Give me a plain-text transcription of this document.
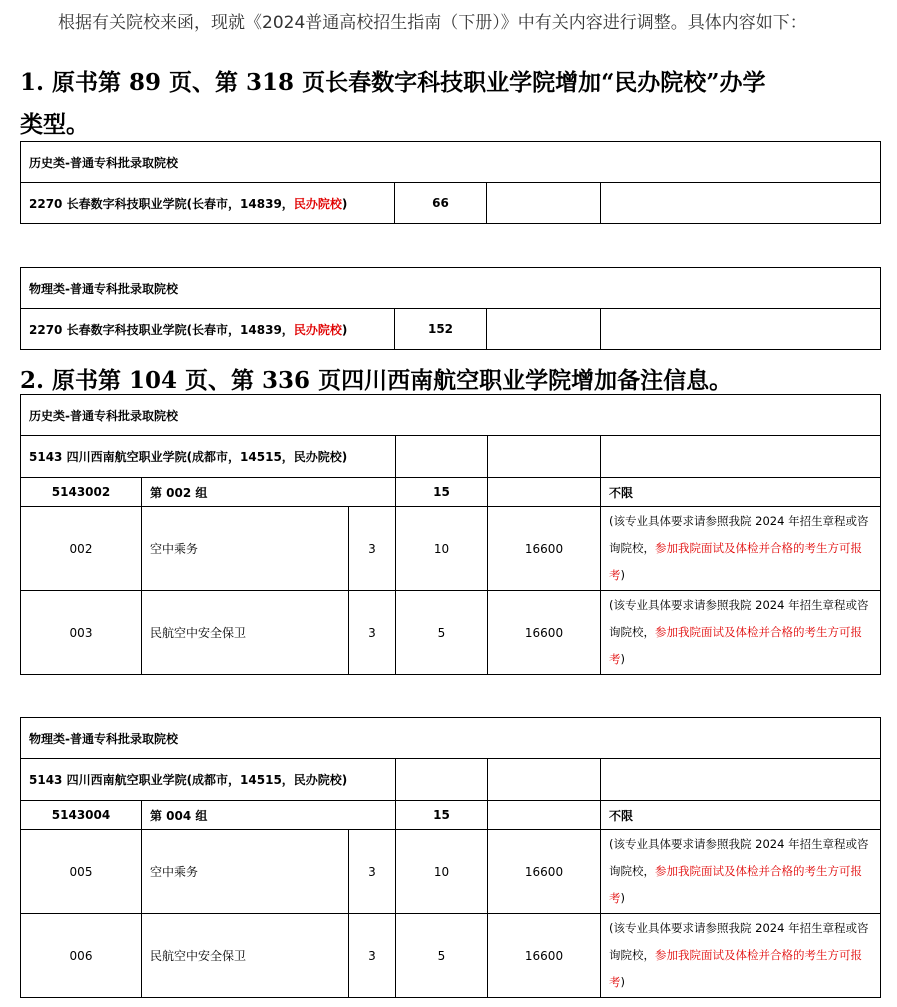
根据有关院校来函，现就《2024普通高校招生指南（下册）》中有关内容进行调整。具体内容如下：
1. 原书第 89 页、第 318 页长春数字科技职业学院增加“民办院校”办学
类型。
历史类-普通专科批录取院校
2270 长春数字科技职业学院(长春市，14839，民办院校)	66		
物理类-普通专科批录取院校
2270 长春数字科技职业学院(长春市，14839，民办院校)	152		
2. 原书第 104 页、第 336 页四川西南航空职业学院增加备注信息。
历史类-普通专科批录取院校					
5143 四川西南航空职业学院(成都市，14515，民办院校)					
5143002	第 002 组		15		不限
002	空中乘务	3	10	16600	(该专业具体要求请参照我院 2024 年招生章程或咨询院校，参加我院面试及体检并合格的考生方可报考)
003	民航空中安全保卫	3	5	16600	(该专业具体要求请参照我院 2024 年招生章程或咨询院校，参加我院面试及体检并合格的考生方可报考)
物理类-普通专科批录取院校					
5143 四川西南航空职业学院(成都市，14515，民办院校)					
5143004	第 004 组		15		不限
005	空中乘务	3	10	16600	(该专业具体要求请参照我院 2024 年招生章程或咨询院校，参加我院面试及体检并合格的考生方可报考)
006	民航空中安全保卫	3	5	16600	(该专业具体要求请参照我院 2024 年招生章程或咨询院校，参加我院面试及体检并合格的考生方可报考)
